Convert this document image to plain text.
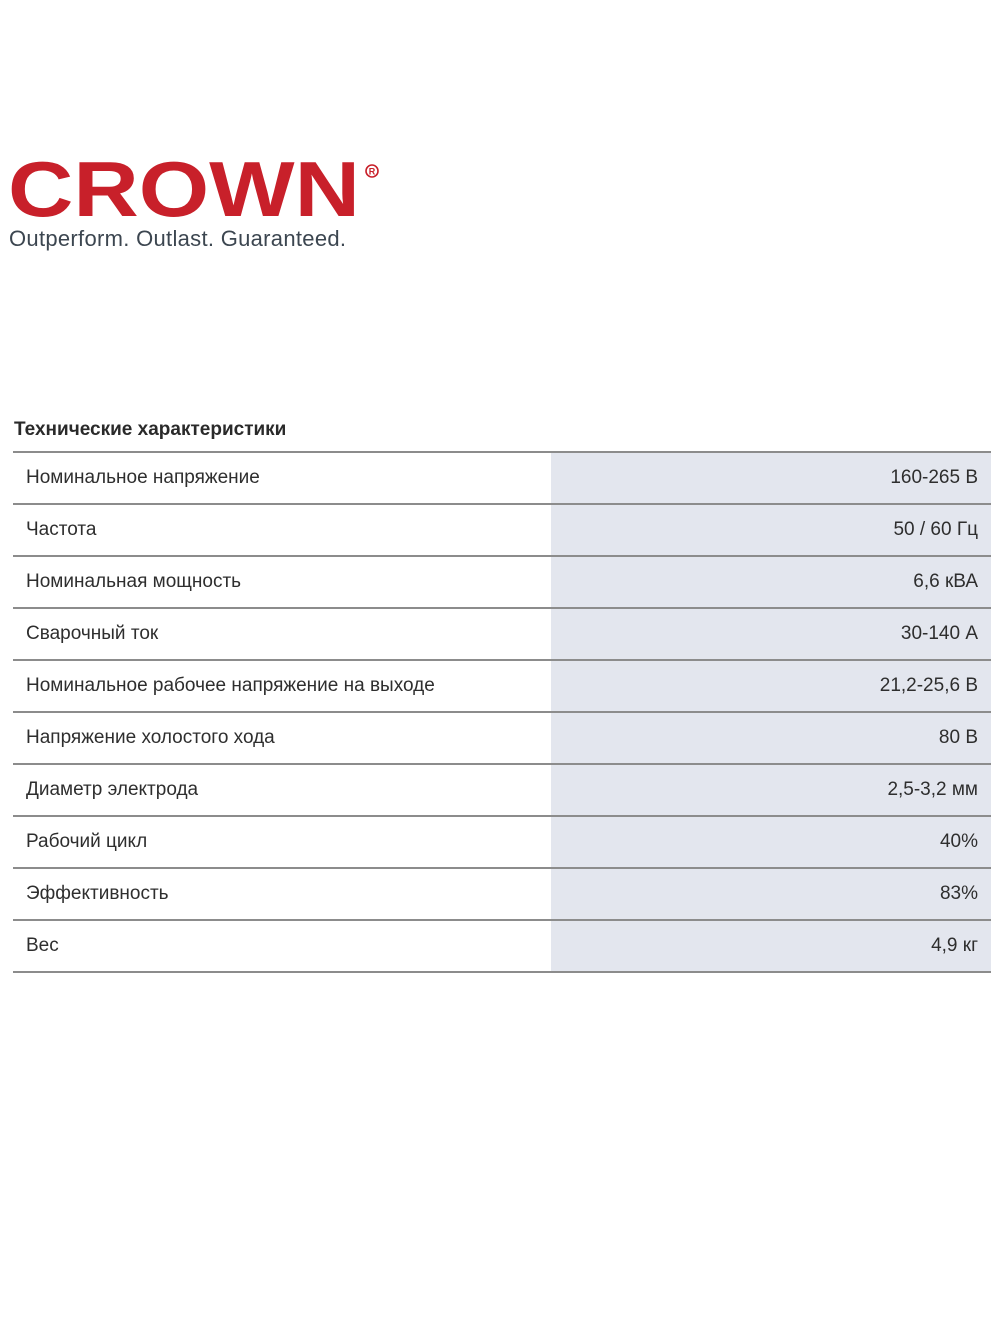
CROWN R
Outperform. Outlast. Guaranteed.
Технические характеристики
Номинальное напряжение	160-265 В
Частота	50 / 60 Гц
Номинальная мощность	6,6 кВА
Сварочный ток	30-140 А
Номинальное рабочее напряжение на выходе	21,2-25,6 В
Напряжение холостого хода	80 В
Диаметр электрода	2,5-3,2 мм
Рабочий цикл	40%
Эффективность	83%
Вес	4,9 кг
